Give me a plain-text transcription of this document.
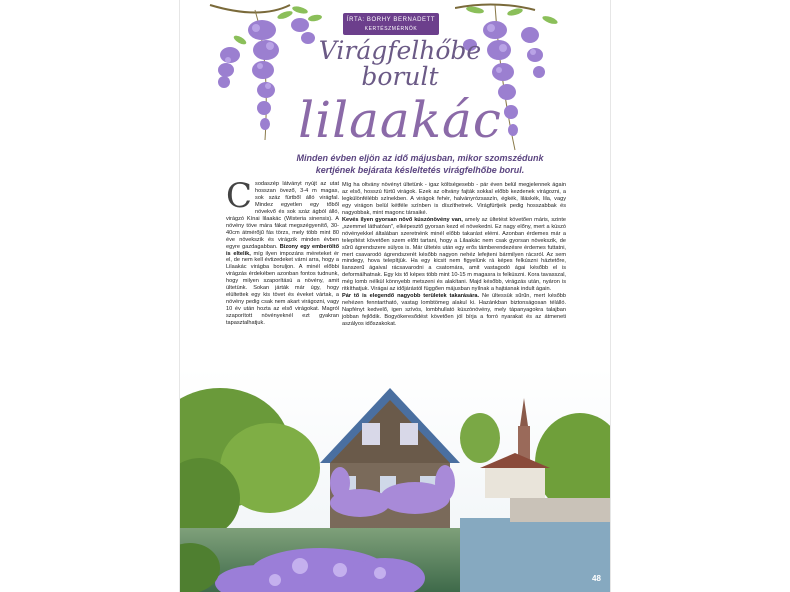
ÍRTA: BORHY BERNADETT
KERTÉSZMÉRNÖK
Virágfelhőbe
borult
lilaakác
Minden évben eljön az idő májusban, mikor szomszédunk kertjének bejárata késleltetés virágfelhőbe borul.
C sodaszép látványt nyújt az utat hosszan övező, 3-4 m magas, sok száz fürtből álló virágfal. Mindez egyetlen egy tőből növekvő és sok száz ágból álló, virágzó Kínai lilaakác (Wisteria sinensis). A növény töve mára fákat megszégyenítő, 30-40cm átmérőjű fás törzs, mely több mint 80 éve növekszik és virágzik minden évben egyre gazdagabban. Bizony egy emberöltő is eltelik, míg ilyen impozáns méreteket ér el, de nem kell évtizedeket várni arra, hogy a Lilaakác virágba boruljon. A minél előbbi virágzás érdekében azonban fontos tudnunk, hogy milyen szaporítású a növény, amit ültetünk. Sokan járták már úgy, hogy elültettek egy kis tövet és éveket vártak, a növény pedig csak nem akart virágozni, vagy 10 év után hozta az első virágokat. Magról szaporított növényeknél ezt gyakran tapasztalhatjuk.
Míg ha oltvány növényt ültetünk - igaz költségesebb - pár éven belül megjelennek ágain az első, hosszú fürtű virágok. Ezek az oltvány fajták sokkal előbb kezdenek virágozni, a legkülönfélébb színekben. A virágok fehér, halványrózsaszín, égkék, liláskék, lila, vagy egy virágon belül kétféle színben is díszíthetnek. Virágfürtjeik pedig hosszabbak és nagyobbak, mint magonc társaiké.
Kevés ilyen gyorsan növő kúszónövény van, amely az ültetést követően máris, szinte „szemmel láthatóan", elképesztő gyorsan kezd el növekedni. Ez nagy előny, mert a kúszó növényekkel általában szeretnénk minél előbb takarást elérni. Azonban érdemes már a telepítést követően szem előtt tartani, hogy a Lilaakác nem csak gyorsan növekszik, de sűrű ágrendszere súlyos is. Már ültetés után egy erős támberendezésre érdemes futtatni, mert csavarodó ágrendszerét később nagyon nehéz lefejteni bármilyen rácsról. Az sem mindegy, hova telepítjük. Ha egy kicsit nem figyelünk rá képes felkúszni háztetőre, lianszerű ágaival rácsavarodni a csatornára, amit vastagodó ágai később el is deformálhatnak. Egy kis tő képes több mint 10-15 m magasra is felkúszni. Kora tavasszal, még lomb nélkül könnyebb metszeni és alakítani. Majd később, virágzás után, nyáron is ritkíthatjuk. Virágai az időjárástól függően májusban nyílnak a hajtásnak indult ágain.
Pár tő is elegendő nagyobb területek takarására. Ne ültessük sűrűn, mert később nehézen fenntartható, vastag lombtömeg alakul ki. Hazánkban biztonságosan télálló. Napfényt kedvelő, igen szívós, lombhullató kúszónövény, mely tápanyagokra talajban jobban fejlődik. Bogyókeresődést követően jól bírja a forró nyarakat és az átmeneti aszályos időszakokat.
48
